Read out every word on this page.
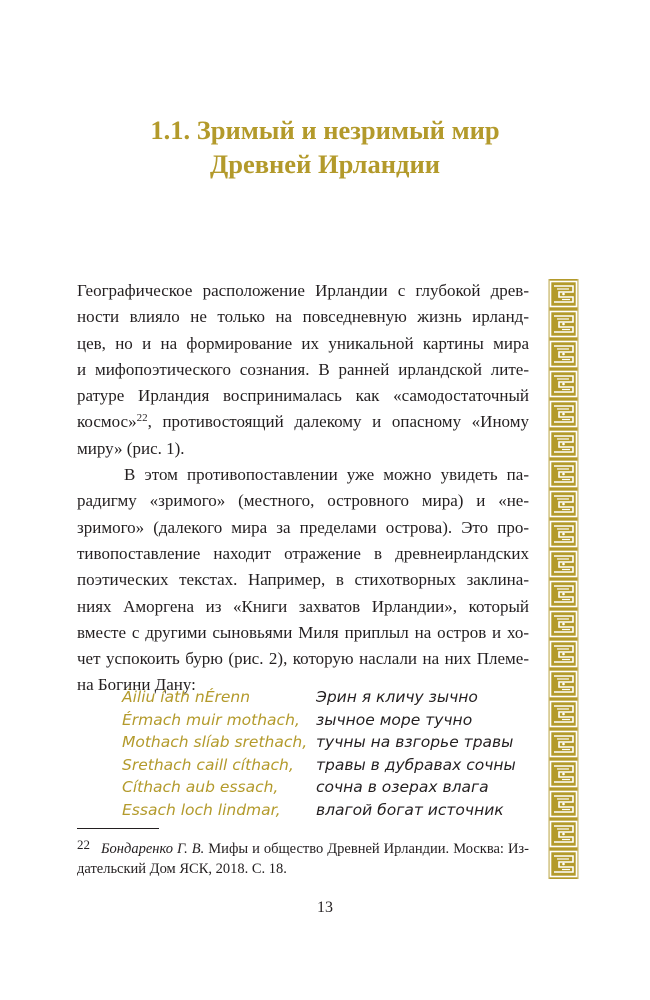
1.1. Зримый и незримый мир
Древней Ирландии
Географическое расположение Ирландии с глубокой древ-
ности влияло не только на повседневную жизнь ирланд-
цев, но и на формирование их уникальной картины мира
и мифопоэтического сознания. В ранней ирландской лите-
ратуре Ирландия воспринималась как «самодостаточный
космос»$^{22}$, противостоящий далекому и опасному «Иному
миру» (рис. 1).
В этом противопоставлении уже можно увидеть па-
радигму «зримого» (местного, островного мира) и «не-
зримого» (далекого мира за пределами острова). Это про-
тивопоставление находит отражение в древнеирландских
поэтических текстах. Например, в стихотворных заклина-
ниях Аморгена из «Книги захватов Ирландии», который
вместе с другими сыновьями Миля приплыл на остров и хо-
чет успокоить бурю (рис. 2), которую наслали на них Племе-
на Богини Дану:
Áiliu íath nÉrenn
Érmach muir mothach,
Mothach slíab srethach,
Srethach caill cíthach,
Cíthach aub essach,
Essach loch lindmar,
Эрин я кличу зычно
зычное море тучно
тучны на взгорье травы
травы в дубравах сочны
сочна в озерах влага
влагой богат источник
22 Бондаренко Г. В. Мифы и общество Древней Ирландии. Москва: Из-
дательский Дом ЯСК, 2018. С. 18.
13
